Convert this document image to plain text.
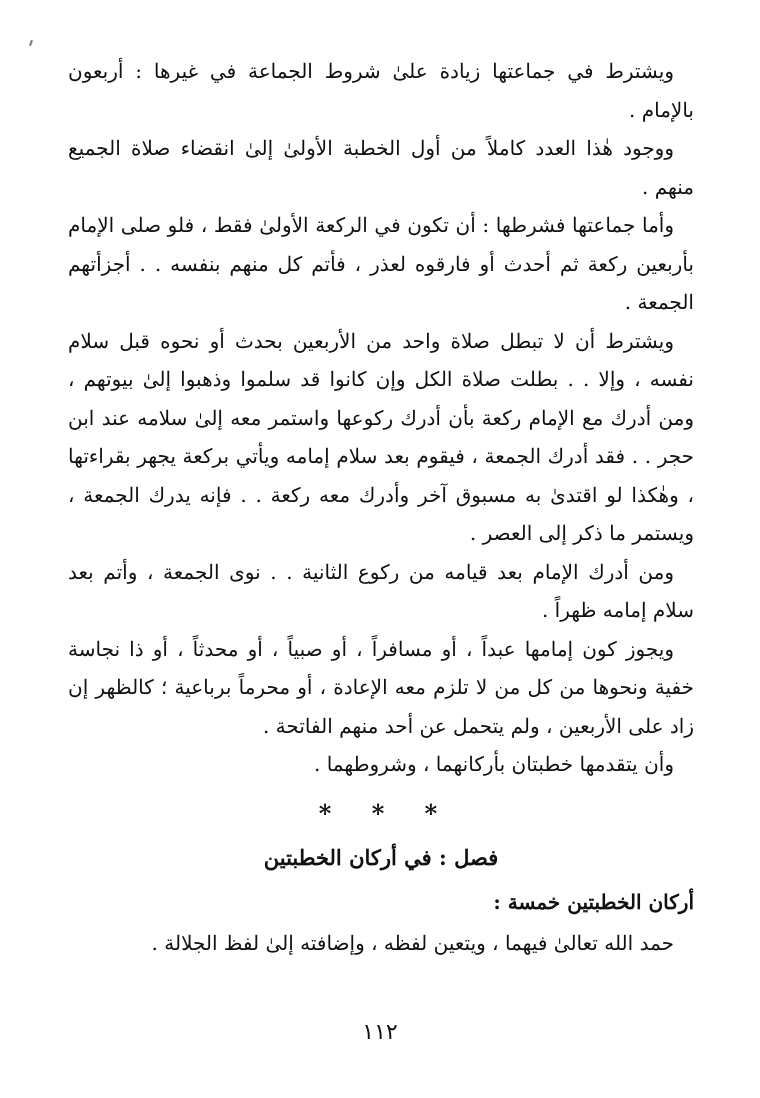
ويشترط في جماعتها زيادة علىٰ شروط الجماعة في غيرها : أربعون بالإمام .

ووجود هٰذا العدد كاملاً من أول الخطبة الأولىٰ إلىٰ انقضاء صلاة الجميع منهم .

وأما جماعتها فشرطها : أن تكون في الركعة الأولىٰ فقط ، فلو صلى الإمام بأربعين ركعة ثم أحدث أو فارقوه لعذر ، فأتم كل منهم بنفسه . . أجزأتهم الجمعة .

ويشترط أن لا تبطل صلاة واحد من الأربعين بحدث أو نحوه قبل سلام نفسه ، وإلا . . بطلت صلاة الكل وإن كانوا قد سلموا وذهبوا إلىٰ بيوتهم ، ومن أدرك مع الإمام ركعة بأن أدرك ركوعها واستمر معه إلىٰ سلامه عند ابن حجر . . فقد أدرك الجمعة ، فيقوم بعد سلام إمامه ويأتي بركعة يجهر بقراءتها ، وهٰكذا لو اقتدىٰ به مسبوق آخر وأدرك معه ركعة . . فإنه يدرك الجمعة ، ويستمر ما ذكر إلى العصر .

ومن أدرك الإمام بعد قيامه من ركوع الثانية . . نوى الجمعة ، وأتم بعد سلام إمامه ظهراً .

ويجوز كون إمامها عبداً ، أو مسافراً ، أو صبياً ، أو محدثاً ، أو ذا نجاسة خفية ونحوها من كل من لا تلزم معه الإعادة ، أو محرماً برباعية ؛ كالظهر إن زاد على الأربعين ، ولم يتحمل عن أحد منهم الفاتحة .

وأن يتقدمها خطبتان بأركانهما ، وشروطهما .

* * *

فصل : في أركان الخطبتين

أركان الخطبتين خمسة :

حمد الله تعالىٰ فيهما ، ويتعين لفظه ، وإضافته إلىٰ لفظ الجلالة .

١١٢
